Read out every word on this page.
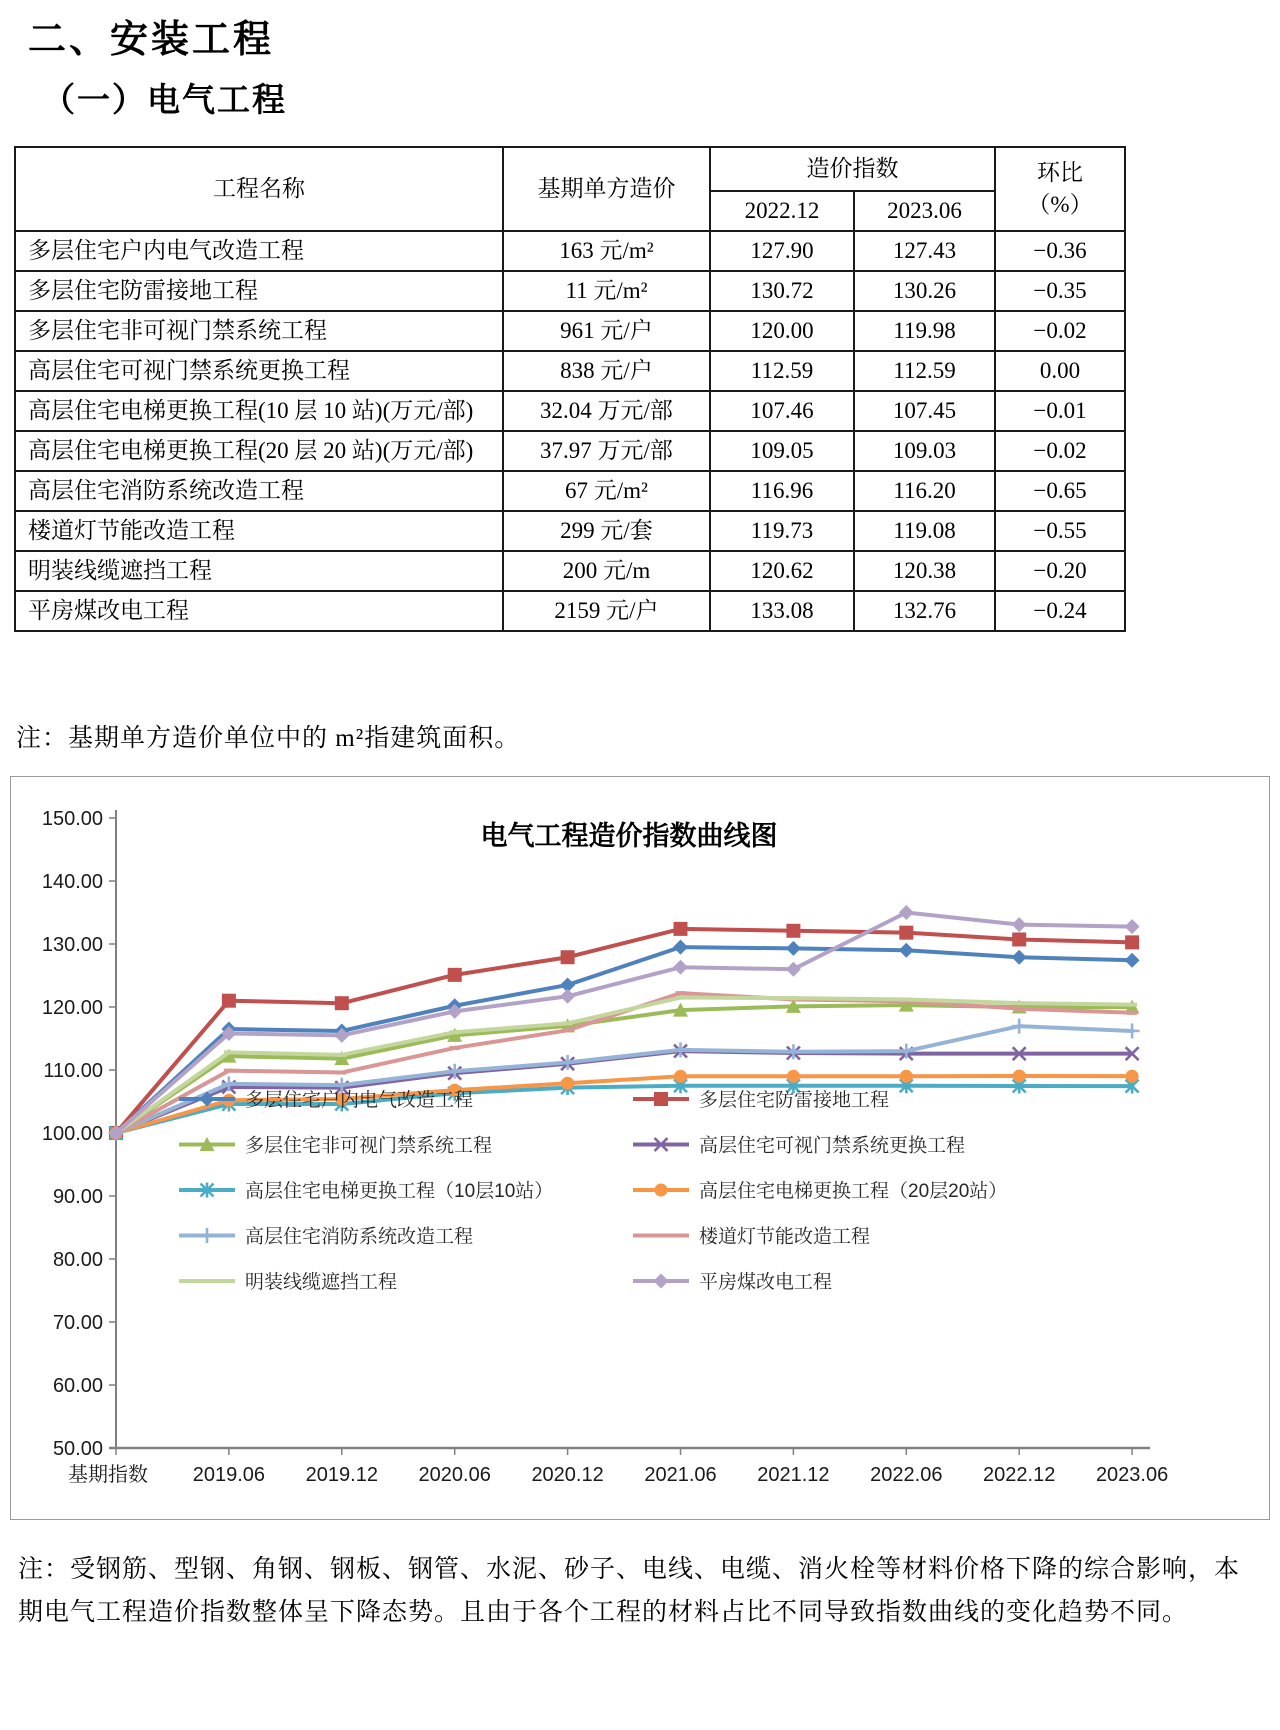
二、安装工程
（一）电气工程
工程名称	基期单方造价	造价指数		环比
（%）
		2022.12	2023.06	
多层住宅户内电气改造工程	163 元/m²	127.90	127.43	−0.36
多层住宅防雷接地工程	11 元/m²	130.72	130.26	−0.35
多层住宅非可视门禁系统工程	961 元/户	120.00	119.98	−0.02
高层住宅可视门禁系统更换工程	838 元/户	112.59	112.59	0.00
高层住宅电梯更换工程(10 层 10 站)(万元/部)	32.04 万元/部	107.46	107.45	−0.01
高层住宅电梯更换工程(20 层 20 站)(万元/部)	37.97 万元/部	109.05	109.03	−0.02
高层住宅消防系统改造工程	67 元/m²	116.96	116.20	−0.65
楼道灯节能改造工程	299 元/套	119.73	119.08	−0.55
明装线缆遮挡工程	200 元/m	120.62	120.38	−0.20
平房煤改电工程	2159 元/户	133.08	132.76	−0.24
注：基期单方造价单位中的 m²指建筑面积。
电气工程造价指数曲线图
50.00
60.00
70.00
80.00
90.00
100.00
110.00
120.00
130.00
140.00
150.00
基期指数 2019.06 2019.12 2020.06 2020.12 2021.06 2021.12 2022.06 2022.12 2023.06
多层住宅户内电气改造工程	多层住宅防雷接地工程
多层住宅非可视门禁系统工程	高层住宅可视门禁系统更换工程
高层住宅电梯更换工程（10层10站）	高层住宅电梯更换工程（20层20站）
高层住宅消防系统改造工程	楼道灯节能改造工程
明装线缆遮挡工程	平房煤改电工程
注：受钢筋、型钢、角钢、钢板、钢管、水泥、砂子、电线、电缆、消火栓等材料价格下降的综合影响，本期电气工程造价指数整体呈下降态势。且由于各个工程的材料占比不同导致指数曲线的变化趋势不同。
